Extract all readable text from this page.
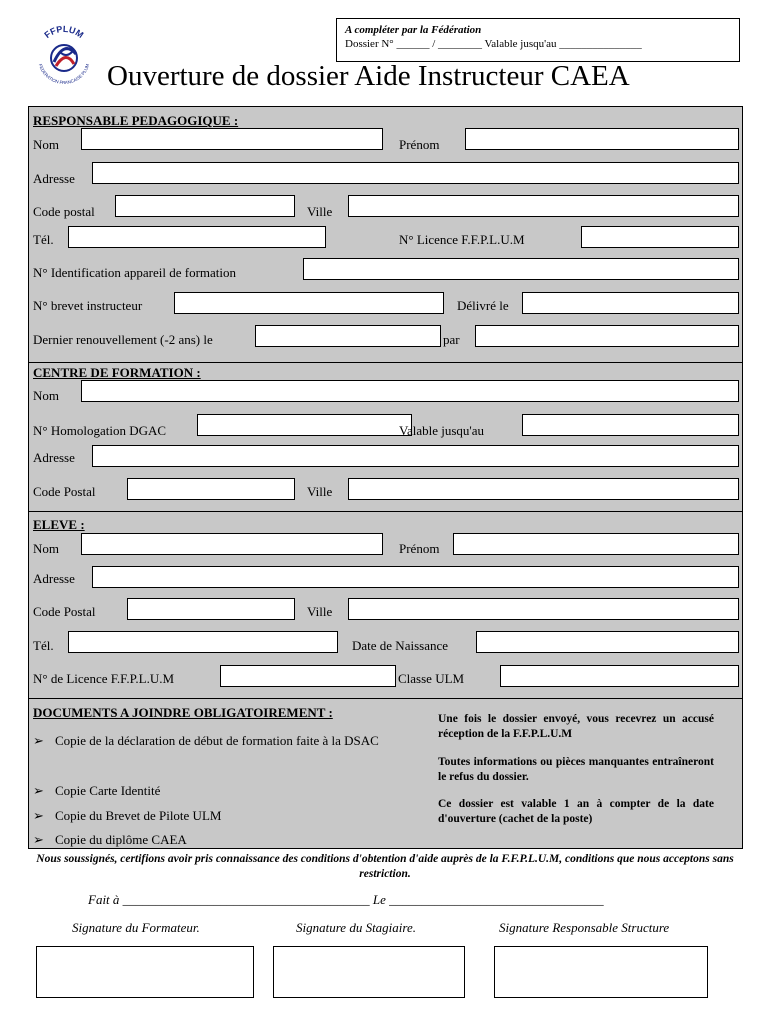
A compléter par la Fédération
Dossier N° ______ / ________ Valable jusqu'au _______________
FFPLUM
FEDERATION FRANCAISE PLUM Ouverture de dossier Aide Instructeur CAEA
RESPONSABLE PEDAGOGIQUE :
Nom	Prénom
Adresse
Code postal	Ville
Tél.	N° Licence F.F.P.L.U.M
N° Identification appareil de formation
N° brevet instructeur	Délivré le
Dernier renouvellement (-2 ans) le	par
CENTRE DE FORMATION :
Nom
N° Homologation DGAC	Valable jusqu'au
Adresse
Code Postal	Ville
ELEVE :
Nom	Prénom
Adresse
Code Postal	Ville
Tél.	Date de Naissance
N° de Licence F.F.P.L.U.M	Classe ULM
DOCUMENTS A JOINDRE OBLIGATOIREMENT :
➢ Copie de la déclaration de début de formation faite à la DSAC
➢ Copie Carte Identité
➢ Copie du Brevet de Pilote ULM
➢ Copie du diplôme CAEA
Une fois le dossier envoyé, vous recevrez un accusé réception de la F.F.P.L.U.M
Toutes informations ou pièces manquantes entraîneront le refus du dossier.
Ce dossier est valable 1 an à compter de la date d'ouverture (cachet de la poste)
Nous soussignés, certifions avoir pris connaissance des conditions d'obtention d'aide auprès de la F.F.P.L.U.M, conditions que nous acceptons sans restriction.
Fait à ______________________________________ Le _________________________________
Signature du Formateur.	Signature du Stagiaire.	Signature Responsable Structure
